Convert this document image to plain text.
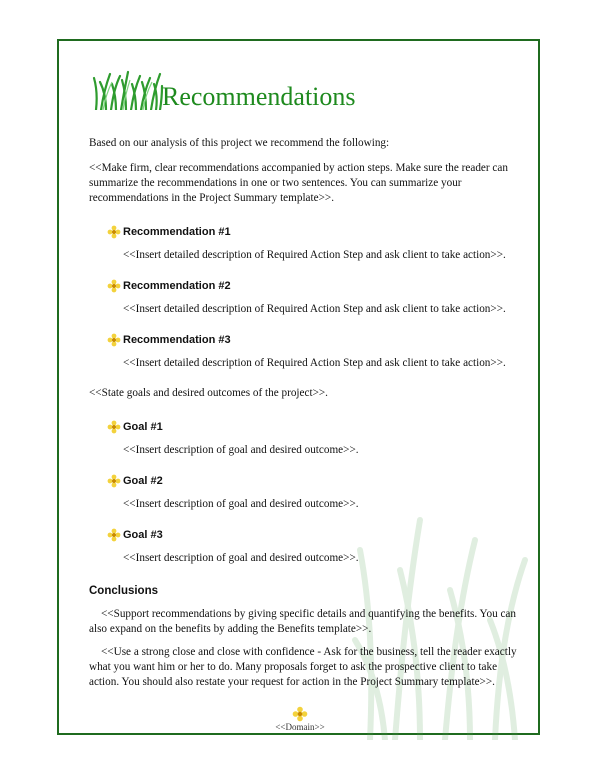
Recommendations

Based on our analysis of this project we recommend the following:

<<Make firm, clear recommendations accompanied by action steps. Make sure the reader can summarize the recommendations in one or two sentences. You can summarize your recommendations in the Project Summary template>>.

Recommendation #1

<<Insert detailed description of Required Action Step and ask client to take action>>.

Recommendation #2

<<Insert detailed description of Required Action Step and ask client to take action>>.

Recommendation #3

<<Insert detailed description of Required Action Step and ask client to take action>>.

<<State goals and desired outcomes of the project>>.

Goal #1

<<Insert description of goal and desired outcome>>.

Goal #2

<<Insert description of goal and desired outcome>>.

Goal #3

<<Insert description of goal and desired outcome>>.

Conclusions

<<Support recommendations by giving specific details and quantifying the benefits. You can also expand on the benefits by adding the Benefits template>>.

<<Use a strong close and close with confidence - Ask for the business, tell the reader exactly what you want him or her to do. Many proposals forget to ask the prospective client to take action. You should also restate your request for action in the Project Summary template>>.

<<Domain>>
